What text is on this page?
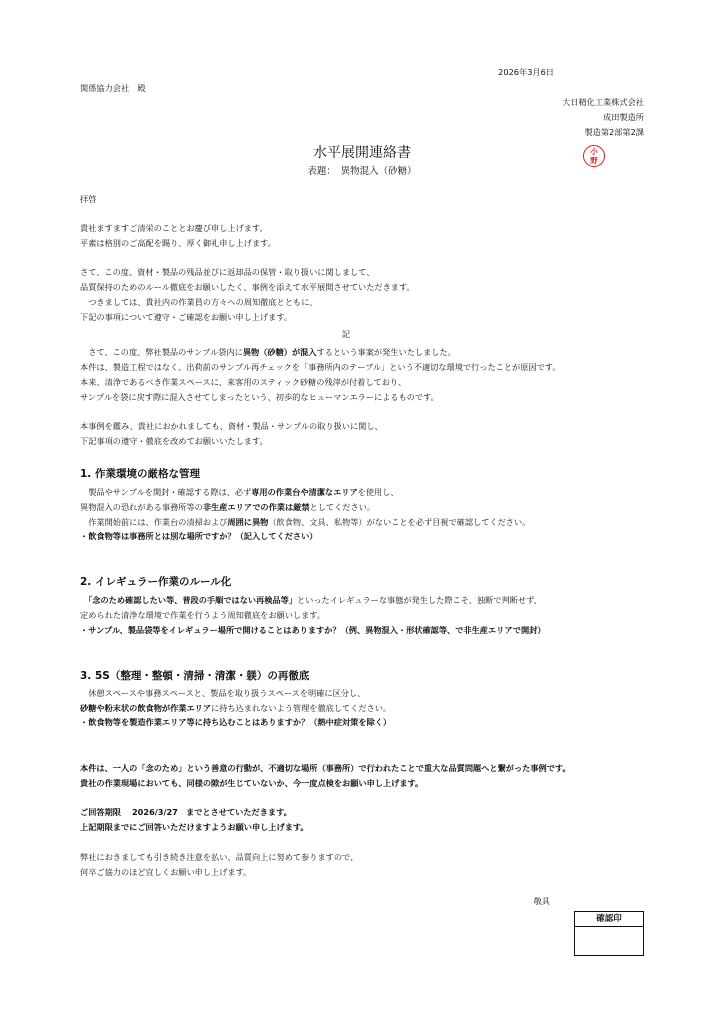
2026年3月6日
関係協力会社　殿
大日精化工業株式会社
成田製造所
製造第2部第2課
小
野
水平展開連絡書
表題：　異物混入（砂糖）
拝啓
貴社ますますご清栄のこととお慶び申し上げます。
平素は格別のご高配を賜り、厚く御礼申し上げます。
さて、この度、資材・製品の残品並びに返却品の保管・取り扱いに関しまして、
品質保持のためのルール徹底をお願いしたく、事例を添えて水平展開させていただきます。
　つきましては、貴社内の作業員の方々への周知徹底とともに、
下記の事項について遵守・ご確認をお願い申し上げます。
記
　さて、この度、弊社製品のサンプル袋内に異物（砂糖）が混入するという事案が発生いたしました。
本件は、製造工程ではなく、出荷前のサンプル再チェックを「事務所内のテーブル」という不適切な環境で行ったことが原因です。
本来、清浄であるべき作業スペースに、来客用のスティック砂糖の残滓が付着しており、
サンプルを袋に戻す際に混入させてしまったという、初歩的なヒューマンエラーによるものです。
本事例を鑑み、貴社におかれましても、資材・製品・サンプルの取り扱いに関し、
下記事項の遵守・徹底を改めてお願いいたします。
1. 作業環境の厳格な管理
　製品やサンプルを開封・確認する際は、必ず専用の作業台や清潔なエリアを使用し、
異物混入の恐れがある事務所等の非生産エリアでの作業は厳禁としてください。
　作業開始前には、作業台の清掃および周囲に異物（飲食物、文具、私物等）がないことを必ず目視で確認してください。
・飲食物等は事務所とは別な場所ですか？（記入してください）
2. イレギュラー作業のルール化
　「念のため確認したい等、普段の手順ではない再検品等」といったイレギュラーな事態が発生した際こそ、独断で判断せず、
定められた清浄な環境で作業を行うよう周知徹底をお願いします。
・サンプル、製品袋等をイレギュラー場所で開けることはありますか？（例、異物混入・形状確認等、で非生産エリアで開封）
3. 5S（整理・整頓・清掃・清潔・躾）の再徹底
　休憩スペースや事務スペースと、製品を取り扱うスペースを明確に区分し、
砂糖や粉末状の飲食物が作業エリアに持ち込まれないよう管理を徹底してください。
・飲食物等を製造作業エリア等に持ち込むことはありますか？（熱中症対策を除く）
本件は、一人の「念のため」という善意の行動が、不適切な場所（事務所）で行われたことで重大な品質問題へと繋がった事例です。
貴社の作業現場においても、同様の隙が生じていないか、今一度点検をお願い申し上げます。
ご回答期限　 2026/3/27　までとさせていただきます。
上記期限までにご回答いただけますようお願い申し上げます。
弊社におきましても引き続き注意を払い、品質向上に努めて参りますので、
何卒ご協力のほど宜しくお願い申し上げます。
敬具
確認印
